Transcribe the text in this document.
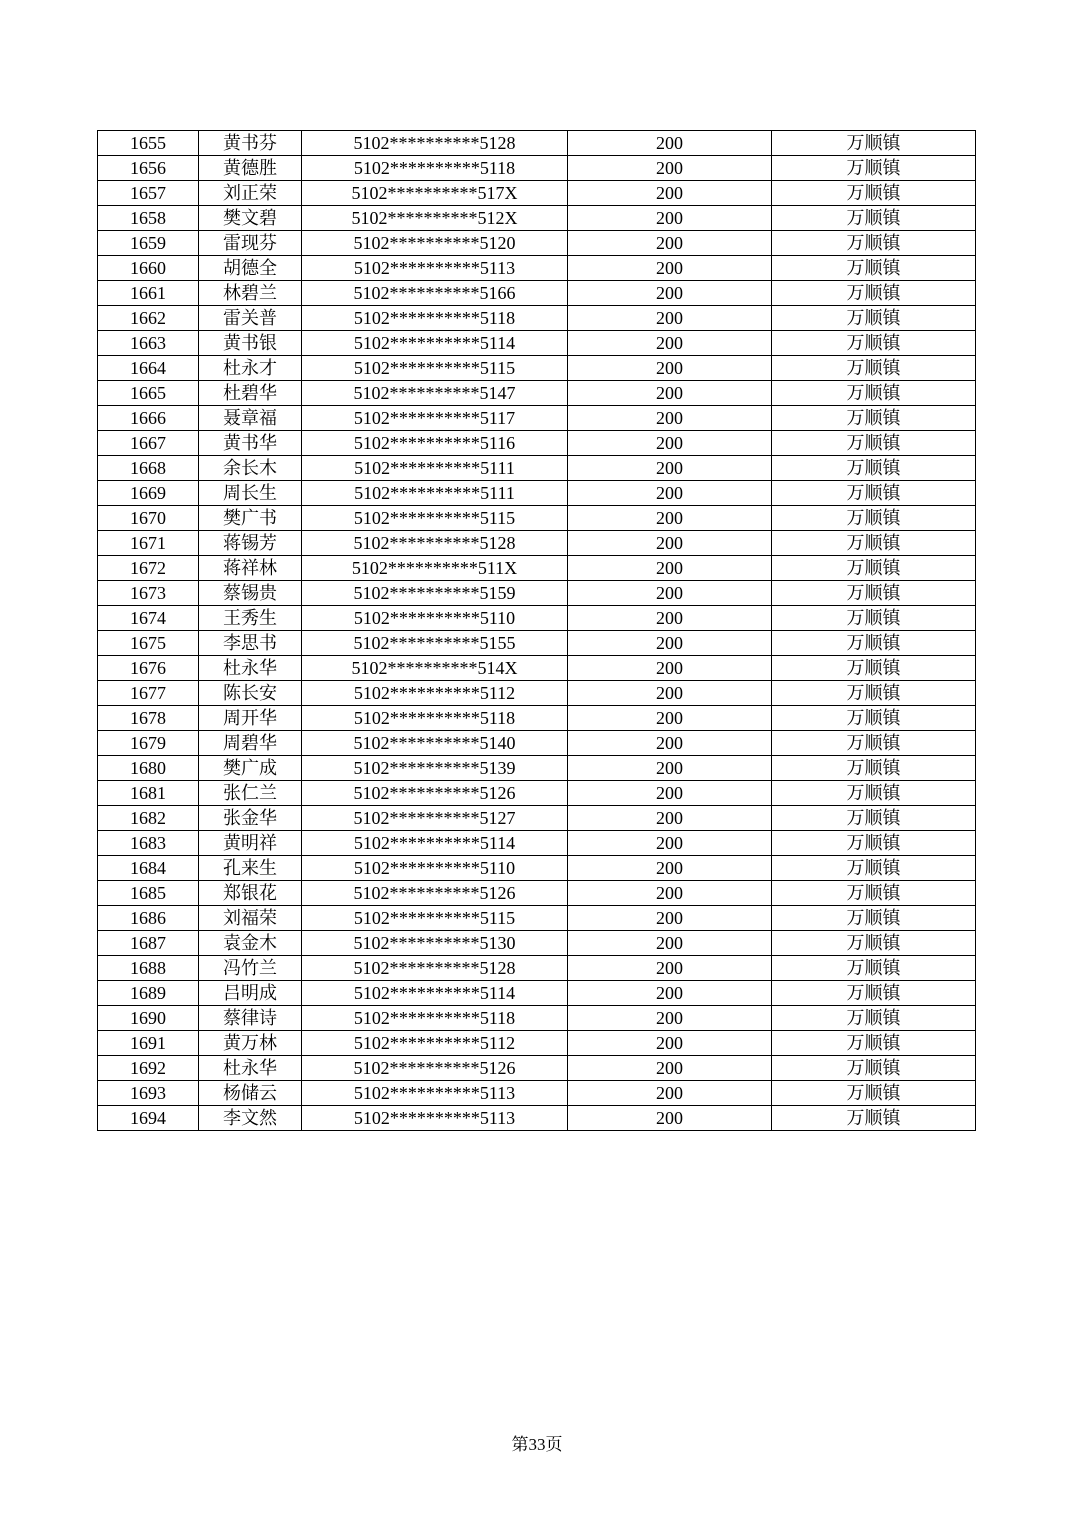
1655	黄书芬	5102**********5128	200	万顺镇
1656	黄德胜	5102**********5118	200	万顺镇
1657	刘正荣	5102**********517X	200	万顺镇
1658	樊文碧	5102**********512X	200	万顺镇
1659	雷现芬	5102**********5120	200	万顺镇
1660	胡德全	5102**********5113	200	万顺镇
1661	林碧兰	5102**********5166	200	万顺镇
1662	雷关普	5102**********5118	200	万顺镇
1663	黄书银	5102**********5114	200	万顺镇
1664	杜永才	5102**********5115	200	万顺镇
1665	杜碧华	5102**********5147	200	万顺镇
1666	聂章福	5102**********5117	200	万顺镇
1667	黄书华	5102**********5116	200	万顺镇
1668	余长木	5102**********5111	200	万顺镇
1669	周长生	5102**********5111	200	万顺镇
1670	樊广书	5102**********5115	200	万顺镇
1671	蒋锡芳	5102**********5128	200	万顺镇
1672	蒋祥林	5102**********511X	200	万顺镇
1673	蔡锡贵	5102**********5159	200	万顺镇
1674	王秀生	5102**********5110	200	万顺镇
1675	李思书	5102**********5155	200	万顺镇
1676	杜永华	5102**********514X	200	万顺镇
1677	陈长安	5102**********5112	200	万顺镇
1678	周开华	5102**********5118	200	万顺镇
1679	周碧华	5102**********5140	200	万顺镇
1680	樊广成	5102**********5139	200	万顺镇
1681	张仁兰	5102**********5126	200	万顺镇
1682	张金华	5102**********5127	200	万顺镇
1683	黄明祥	5102**********5114	200	万顺镇
1684	孔来生	5102**********5110	200	万顺镇
1685	郑银花	5102**********5126	200	万顺镇
1686	刘福荣	5102**********5115	200	万顺镇
1687	袁金木	5102**********5130	200	万顺镇
1688	冯竹兰	5102**********5128	200	万顺镇
1689	吕明成	5102**********5114	200	万顺镇
1690	蔡律诗	5102**********5118	200	万顺镇
1691	黄万林	5102**********5112	200	万顺镇
1692	杜永华	5102**********5126	200	万顺镇
1693	杨储云	5102**********5113	200	万顺镇
1694	李文然	5102**********5113	200	万顺镇
第33页
